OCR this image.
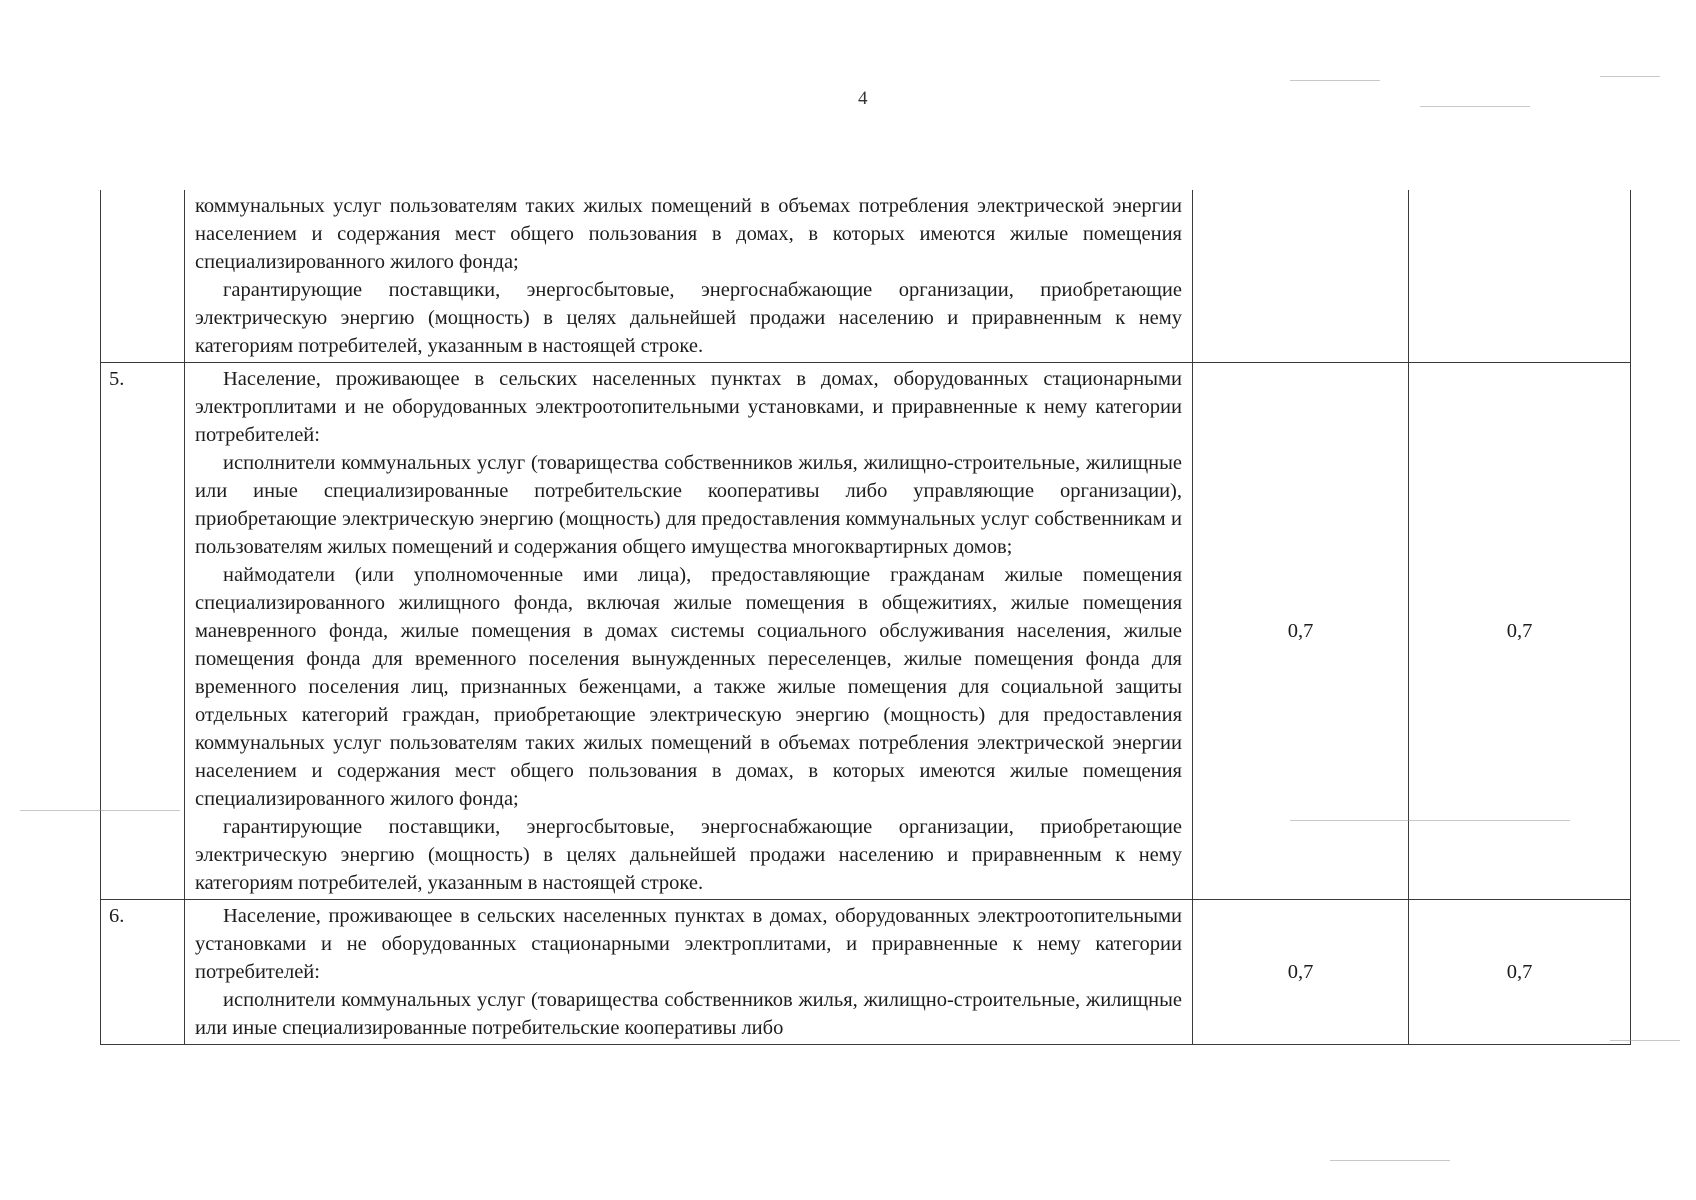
4

	коммунальных услуг пользователям таких жилых помещений в объемах потребления электрической энергии населением и содержания мест общего пользования в домах, в которых имеются жилые помещения специализированного жилого фонда;

гарантирующие поставщики, энергосбытовые, энергоснабжающие организации, приобретающие электрическую энергию (мощность) в целях дальнейшей продажи населению и приравненным к нему категориям потребителей, указанным в настоящей строке.		

5.	Население, проживающее в сельских населенных пунктах в домах, оборудованных стационарными электроплитами и не оборудованных электроотопительными установками, и приравненные к нему категории потребителей:

исполнители коммунальных услуг (товарищества собственников жилья, жилищно-строительные, жилищные или иные специализированные потребительские кооперативы либо управляющие организации), приобретающие электрическую энергию (мощность) для предоставления коммунальных услуг собственникам и пользователям жилых помещений и содержания общего имущества многоквартирных домов;

наймодатели (или уполномоченные ими лица), предоставляющие гражданам жилые помещения специализированного жилищного фонда, включая жилые помещения в общежитиях, жилые помещения маневренного фонда, жилые помещения в домах системы социального обслуживания населения, жилые помещения фонда для временного поселения вынужденных переселенцев, жилые помещения фонда для временного поселения лиц, признанных беженцами, а также жилые помещения для социальной защиты отдельных категорий граждан, приобретающие электрическую энергию (мощность) для предоставления коммунальных услуг пользователям таких жилых помещений в объемах потребления электрической энергии населением и содержания мест общего пользования в домах, в которых имеются жилые помещения специализированного жилого фонда;

гарантирующие поставщики, энергосбытовые, энергоснабжающие организации, приобретающие электрическую энергию (мощность) в целях дальнейшей продажи населению и приравненным к нему категориям потребителей, указанным в настоящей строке.	0,7	0,7
6.	Население, проживающее в сельских населенных пунктах в домах, оборудованных электроотопительными установками и не оборудованных стационарными электроплитами, и приравненные к нему категории потребителей:

исполнители коммунальных услуг (товарищества собственников жилья, жилищно-строительные, жилищные или иные специализированные потребительские кооперативы либо	0,7	0,7
